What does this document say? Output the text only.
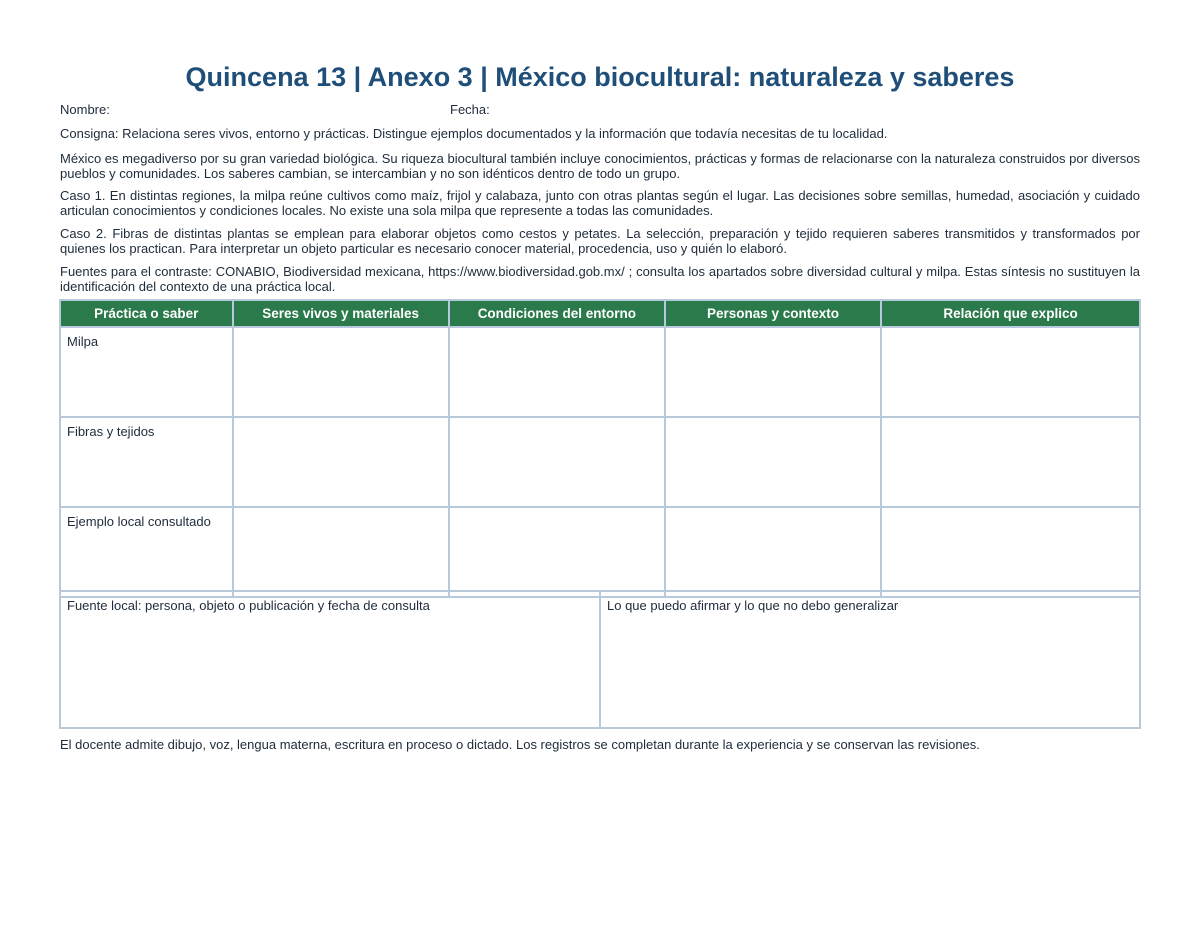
Quincena 13 | Anexo 3 | México biocultural: naturaleza y saberes
Nombre:	Fecha:

Consigna: Relaciona seres vivos, entorno y prácticas. Distingue ejemplos documentados y la información que todavía necesitas de tu localidad.

México es megadiverso por su gran variedad biológica. Su riqueza biocultural también incluye conocimientos, prácticas y formas de relacionarse con la naturaleza construidos por diversos pueblos y comunidades. Los saberes cambian, se intercambian y no son idénticos dentro de todo un grupo.

Caso 1. En distintas regiones, la milpa reúne cultivos como maíz, frijol y calabaza, junto con otras plantas según el lugar. Las decisiones sobre semillas, humedad, asociación y cuidado articulan conocimientos y condiciones locales. No existe una sola milpa que represente a todas las comunidades.

Caso 2. Fibras de distintas plantas se emplean para elaborar objetos como cestos y petates. La selección, preparación y tejido requieren saberes transmitidos y transformados por quienes los practican. Para interpretar un objeto particular es necesario conocer material, procedencia, uso y quién lo elaboró.

Fuentes para el contraste: CONABIO, Biodiversidad mexicana, https://www.biodiversidad.gob.mx/ ; consulta los apartados sobre diversidad cultural y milpa. Estas síntesis no sustituyen la identificación del contexto de una práctica local.

Práctica o saber	Seres vivos y materiales	Condiciones del entorno	Personas y contexto	Relación que explico
Milpa				
Fibras y tejidos				
Ejemplo local consultado				
Fuente local: persona, objeto o publicación y fecha de consulta	Lo que puedo afirmar y lo que no debo generalizar

El docente admite dibujo, voz, lengua materna, escritura en proceso o dictado. Los registros se completan durante la experiencia y se conservan las revisiones.
